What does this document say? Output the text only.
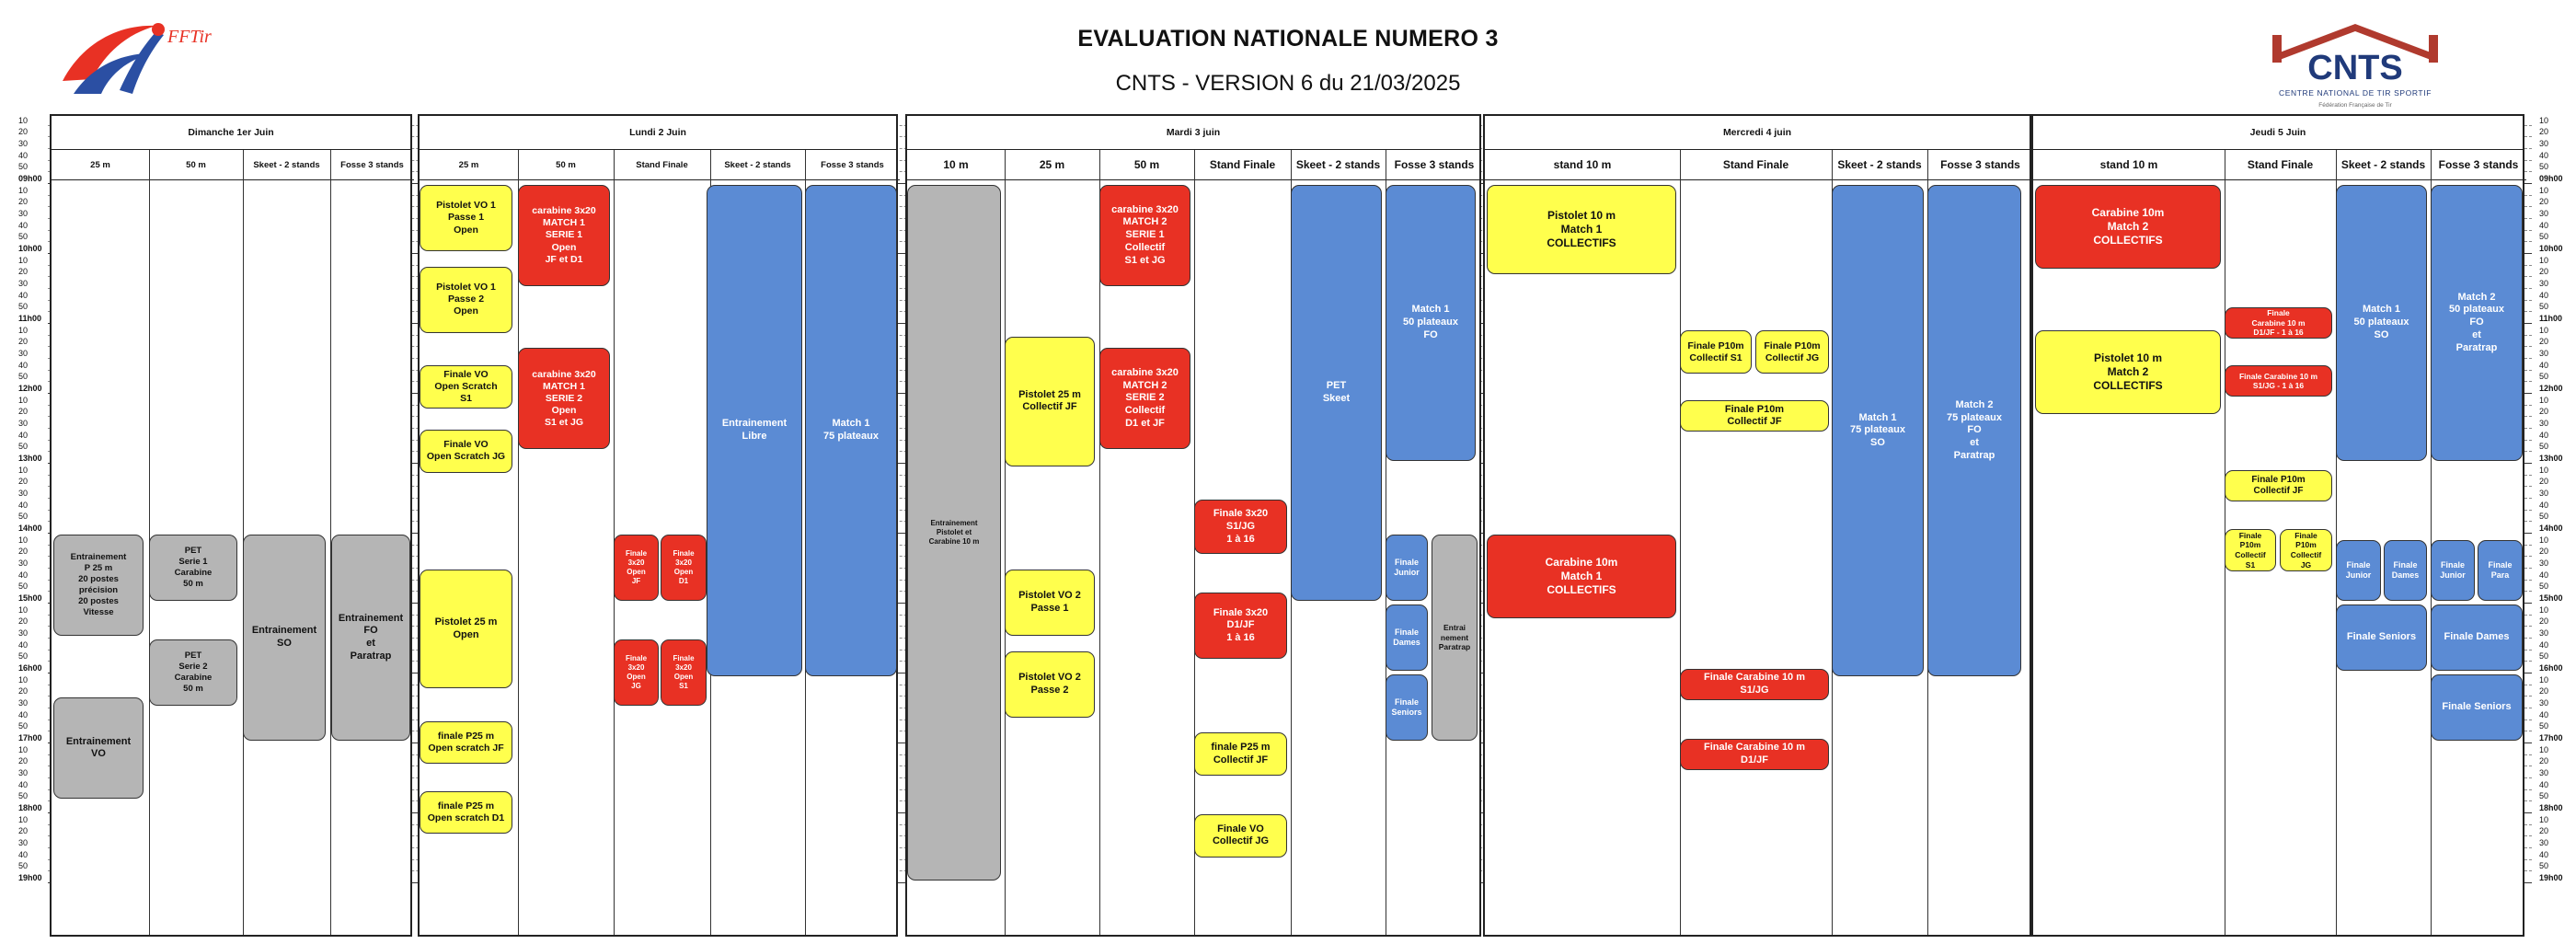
EVALUATION NATIONALE NUMERO 3
CNTS - VERSION 6 du 21/03/2025
FFTir
CNTS
CENTRE NATIONAL DE TIR SPORTIF
Fédération Française de Tir
10	10
20	20
30	30
40	40
50	50
10	10
20	20
30	30
40	40
50	50
10	10
20	20
30	30
40	40
50	50
10	10
20	20
30	30
40	40
50	50
10	10
20	20
30	30
40	40
50	50
10	10
20	20
30	30
40	40
50	50
10	10
20	20
30	30
40	40
50	50
10	10
20	20
30	30
40	40
50	50
10	10
20	20
30	30
40	40
50	50
10	10
20	20
30	30
40	40
50	50
10	10
20	20
30	30
40	40
50	50
09h00	09h00
10h00	10h00
11h00	11h00
12h00	12h00
13h00	13h00
14h00	14h00
15h00	15h00
16h00	16h00
17h00	17h00
18h00	18h00
19h00	19h00
Dimanche 1er Juin
25 m	50 m	Skeet - 2 stands	Fosse 3 stands
Lundi 2 Juin
25 m	50 m	Stand Finale	Skeet - 2 stands	Fosse 3 stands
Mardi 3 juin
10 m	25 m	50 m	Stand Finale	Skeet - 2 stands	Fosse 3 stands
Mercredi 4 juin
stand 10 m	Stand Finale	Skeet - 2 stands	Fosse 3 stands
Jeudi 5 Juin
stand 10 m	Stand Finale	Skeet - 2 stands	Fosse 3 stands
Entrainement
P 25 m
20 postes
précision
20 postes
Vitesse
PET
Serie 1
Carabine
50 m
PET
Serie 2
Carabine
50 m
Entrainement
SO
Entrainement
FO
et
Paratrap
Entrainement
VO
Pistolet VO 1
Passe 1
Open
Pistolet VO 1
Passe 2
Open
Finale VO
Open Scratch
S1
Finale VO
Open Scratch JG
Pistolet 25 m
Open
finale P25 m
Open scratch JF
finale P25 m
Open scratch D1
carabine 3x20
MATCH 1
SERIE 1
Open
JF et D1
carabine 3x20
MATCH 1
SERIE 2
Open
S1 et JG
Finale
3x20
Open
JF
Finale
3x20
Open
D1
Finale
3x20
Open
JG
Finale
3x20
Open
S1
Entrainement
Libre
Match 1
75 plateaux
Entrainement
Pistolet et
Carabine 10 m
Pistolet 25 m
Collectif JF
Pistolet VO 2
Passe 1
Pistolet VO 2
Passe 2
carabine 3x20
MATCH 2
SERIE 1
Collectif
S1 et JG
carabine 3x20
MATCH 2
SERIE 2
Collectif
D1 et JF
Finale 3x20
S1/JG
1 à 16
Finale 3x20
D1/JF
1 à 16
finale P25 m
Collectif JF
Finale VO
Collectif JG
PET
Skeet
Match 1
50 plateaux
FO
Finale
Junior
Finale
Dames
Finale
Seniors
Entrai
nement
Paratrap
Pistolet 10 m
Match 1
COLLECTIFS
Carabine 10m
Match 1
COLLECTIFS
Finale P10m
Collectif S1
Finale P10m
Collectif JG
Finale P10m
Collectif JF
Finale Carabine 10 m
S1/JG
Finale Carabine 10 m
D1/JF
Match 1
75 plateaux
SO
Match 2
75 plateaux
FO
et
Paratrap
Carabine 10m
Match 2
COLLECTIFS
Finale
Carabine 10 m
D1/JF - 1 à 16
Finale Carabine 10 m
S1/JG - 1 à 16
Pistolet 10 m
Match 2
COLLECTIFS
Finale P10m
Collectif JF
Finale
P10m
Collectif
S1
Finale
P10m
Collectif
JG
Match 1
50 plateaux
SO
Match 2
50 plateaux
FO
et
Paratrap
Finale
Junior
Finale
Dames
Finale
Junior
Finale
Para
Finale Seniors	Finale Dames
Finale Seniors
